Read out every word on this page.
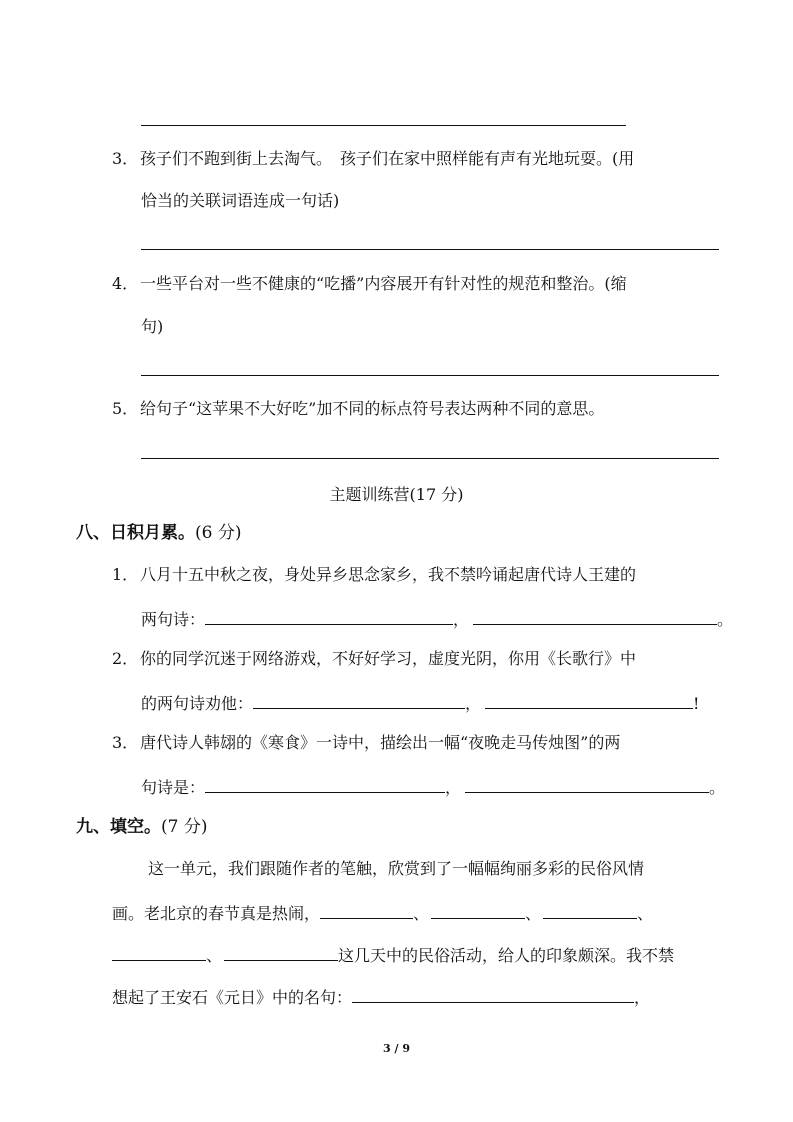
3． 孩子们不跑到街上去淘气。　孩子们在家中照样能有声有光地玩耍。(用
恰当的关联词语连成一句话)
4． 一些平台对一些不健康的“吃播”内容展开有针对性的规范和整治。(缩
句)
5． 给句子“这苹果不大好吃”加不同的标点符号表达两种不同的意思。
主题训练营(17 分)
八、日积月累。(6 分)
1． 八月十五中秋之夜，身处异乡思念家乡，我不禁吟诵起唐代诗人王建的
两句诗：	，	。
2． 你的同学沉迷于网络游戏，不好好学习，虚度光阴，你用《长歌行》中
的两句诗劝他：	，	!
3． 唐代诗人韩翃的《寒食》一诗中，描绘出一幅“夜晚走马传烛图”的两
句诗是：	，	。
九、填空。(7 分)
这一单元，我们跟随作者的笔触，欣赏到了一幅幅绚丽多彩的民俗风情
画。老北京的春节真是热闹，	、	、	、
、	这几天中的民俗活动，给人的印象颇深。我不禁
想起了王安石《元日》中的名句：	，
3 / 9
